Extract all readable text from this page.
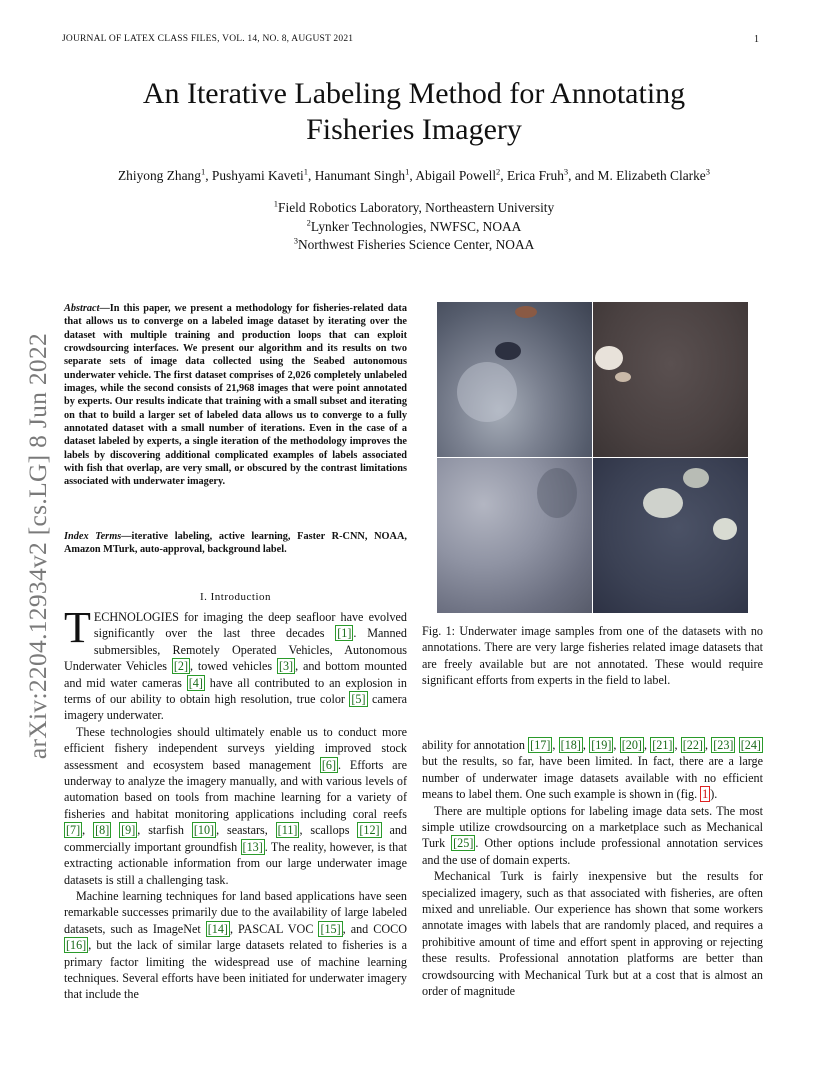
JOURNAL OF LATEX CLASS FILES, VOL. 14, NO. 8, AUGUST 2021	1
An Iterative Labeling Method for Annotating
Fisheries Imagery
Zhiyong Zhang$^1$, Pushyami Kaveti$^1$, Hanumant Singh$^1$, Abigail Powell$^2$, Erica Fruh$^3$, and M. Elizabeth Clarke$^3$
$^1$Field Robotics Laboratory, Northeastern University
$^2$Lynker Technologies, NWFSC, NOAA
$^3$Northwest Fisheries Science Center, NOAA
arXiv:2204.12934v2 [cs.LG] 8 Jun 2022

Abstract—In this paper, we present a methodology for fisheries-related data that allows us to converge on a labeled image dataset by iterating over the dataset with multiple training and production loops that can exploit crowdsourcing interfaces. We present our algorithm and its results on two separate sets of image data collected using the Seabed autonomous underwater vehicle. The first dataset comprises of 2,026 completely unlabeled images, while the second consists of 21,968 images that were point annotated by experts. Our results indicate that training with a small subset and iterating on that to build a larger set of labeled data allows us to converge to a fully annotated dataset with a small number of iterations. Even in the case of a dataset labeled by experts, a single iteration of the methodology improves the labels by discovering additional complicated examples of labels associated with fish that overlap, are very small, or obscured by the contrast limitations associated with underwater imagery.

Index Terms—iterative labeling, active learning, Faster R-CNN, NOAA, Amazon MTurk, auto-approval, background label.

I. Introduction

TECHNOLOGIES for imaging the deep seafloor have evolved significantly over the last three decades [1] . Manned submersibles, Remotely Operated Vehicles, Autonomous Underwater Vehicles [2] , towed vehicles [3] , and bottom mounted and mid water cameras [4] have all contributed to an explosion in terms of our ability to obtain high resolution, true color [5] camera imagery underwater.

These technologies should ultimately enable us to conduct more efficient fishery independent surveys yielding improved stock assessment and ecosystem based management [6] . Efforts are underway to analyze the imagery manually, and with various levels of automation based on tools from machine learning for a variety of fisheries and habitat monitoring applications including coral reefs [7] , [8] [9] , starfish [10] , seastars, [11] , scallops [12] and commercially important groundfish [13] . The reality, however, is that extracting actionable information from our large underwater image datasets is still a challenging task.

Machine learning techniques for land based applications have seen remarkable successes primarily due to the availability of large labeled datasets, such as ImageNet [14] , PASCAL VOC [15] , and COCO [16] , but the lack of similar large datasets related to fisheries is a primary factor limiting the widespread use of machine learning techniques. Several efforts have been initiated for underwater imagery that include the

Fig. 1: Underwater image samples from one of the datasets with no annotations. There are very large fisheries related image datasets that are freely available but are not annotated. These would require significant efforts from experts in the field to label.

ability for annotation [17] , [18] , [19] , [20] , [21] , [22] , [23] [24] but the results, so far, have been limited. In fact, there are a large number of underwater image datasets available with no efficient means to label them. One such example is shown in (fig. 1 ).

There are multiple options for labeling image data sets. The most simple utilize crowdsourcing on a marketplace such as Mechanical Turk [25] . Other options include professional annotation services and the use of domain experts.

Mechanical Turk is fairly inexpensive but the results for specialized imagery, such as that associated with fisheries, are often mixed and unreliable. Our experience has shown that some workers annotate images with labels that are randomly placed, and requires a prohibitive amount of time and effort spent in approving or rejecting these results. Professional annotation platforms are better than crowdsourcing with Mechanical Turk but at a cost that is almost an order of magnitude
